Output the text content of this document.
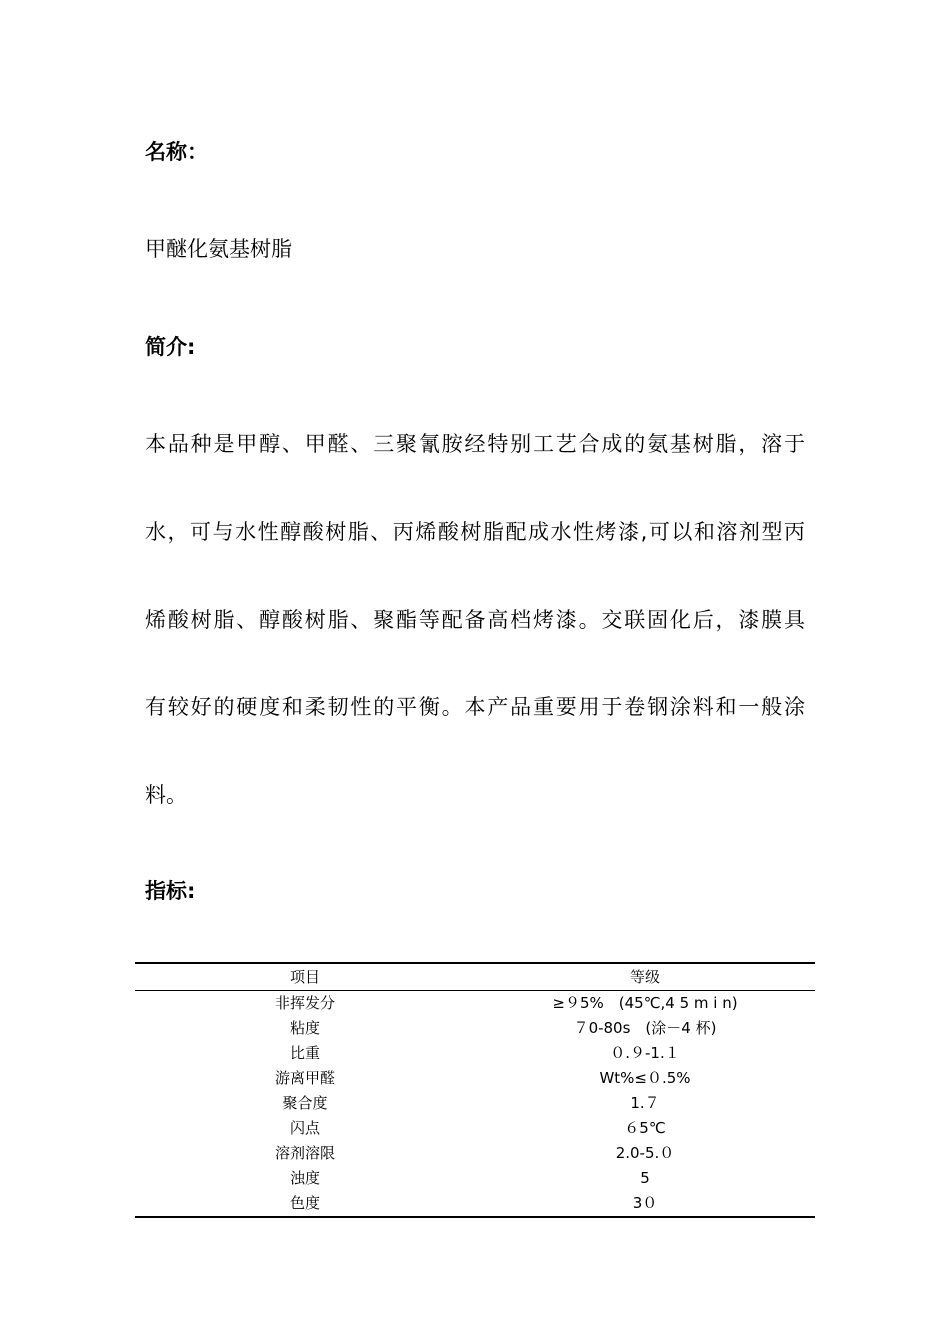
名称：
甲醚化氨基树脂
简介:
本品种是甲醇、甲醛、三聚氰胺经特别工艺合成的氨基树脂，溶于
水，可与水性醇酸树脂、丙烯酸树脂配成水性烤漆,可以和溶剂型丙
烯酸树脂、醇酸树脂、聚酯等配备高档烤漆。交联固化后，漆膜具
有较好的硬度和柔韧性的平衡。本产品重要用于卷钢涂料和一般涂
料。
指标:
项目	等级
非挥发分	≥９5%　(45℃,4 5 m i n)
粘度	７0-80s　(涂－4 杯)
比重	０.９-1.１
游离甲醛	Wt%≤０.5%
聚合度	1.７
闪点	６5℃
溶剂溶限	2.0-5.０
浊度	5
色度	3０
